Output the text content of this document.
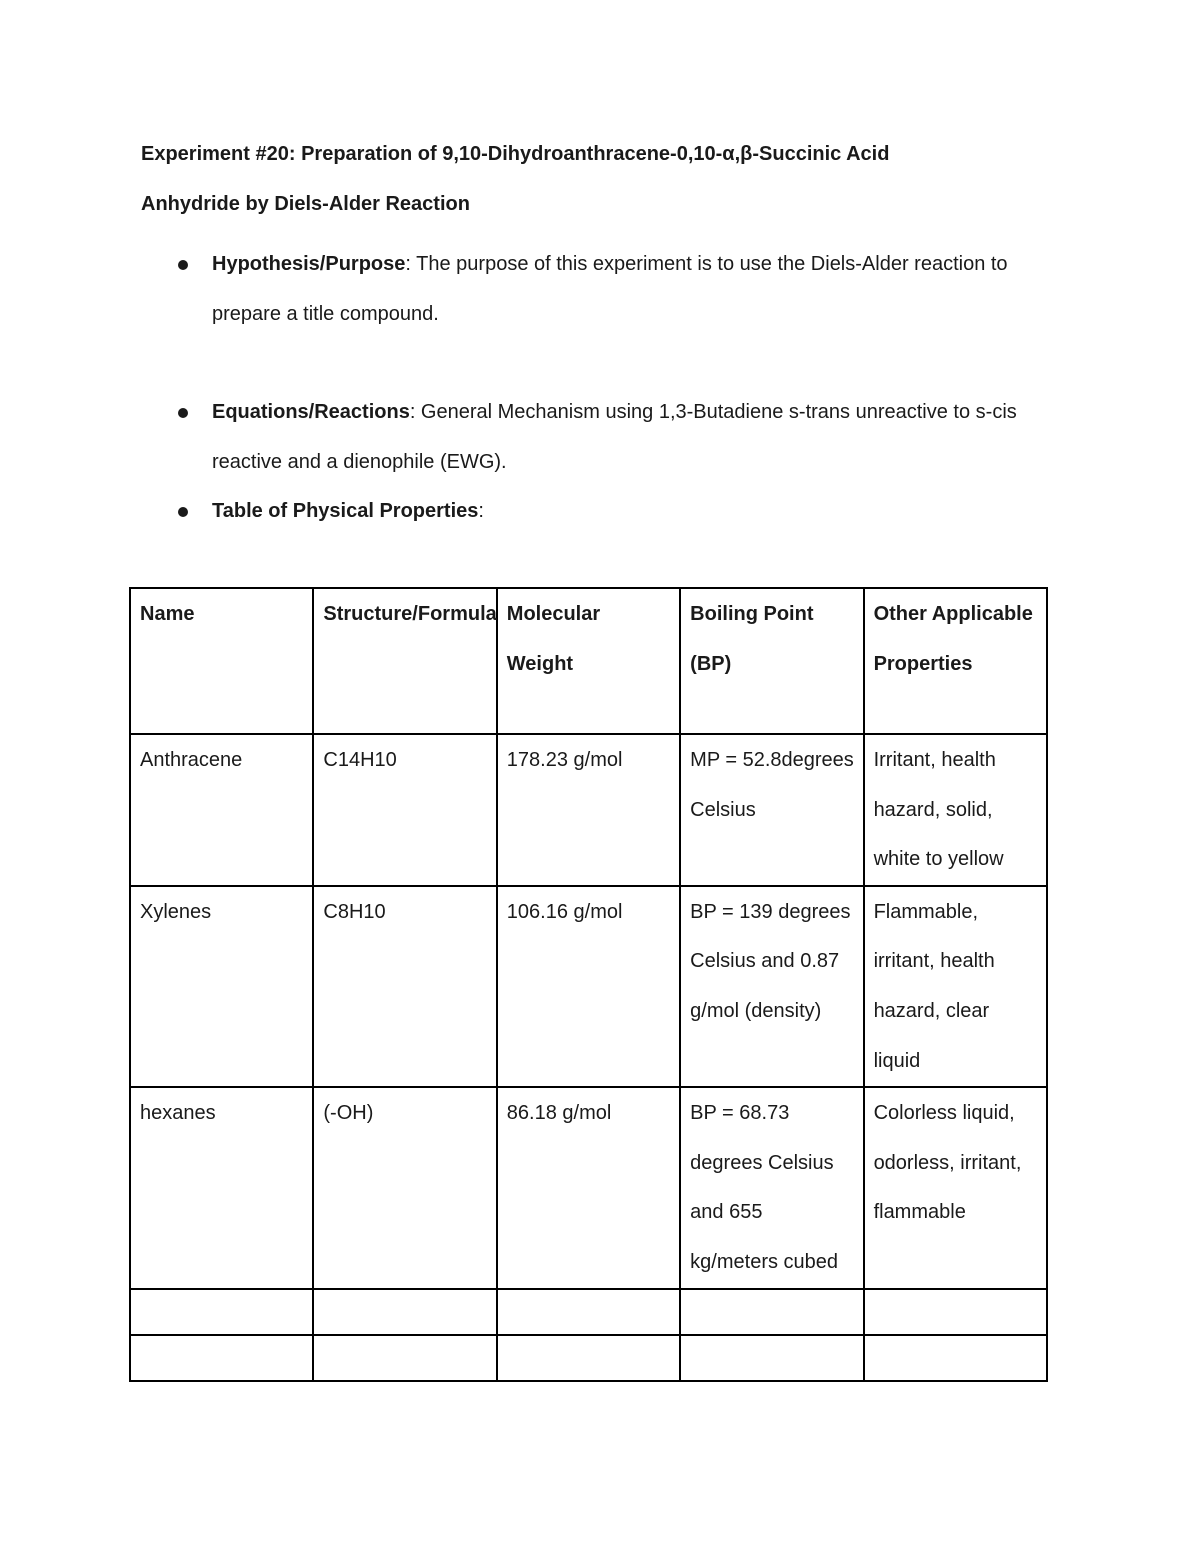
Experiment #20: Preparation of 9,10-Dihydroanthracene-0,10-α,β-Succinic Acid
Anhydride by Diels-Alder Reaction
Hypothesis/Purpose: The purpose of this experiment is to use the Diels-Alder reaction to prepare a title compound.
Equations/Reactions: General Mechanism using 1,3-Butadiene s-trans unreactive to s-cis reactive and a dienophile (EWG).
Table of Physical Properties:
Name	Structure/Formula	Molecular Weight	Boiling Point (BP)	Other Applicable Properties

Anthracene	C14H10	178.23 g/mol	MP = 52.8degrees Celsius	Irritant, health hazard, solid, white to yellow

Xylenes	C8H10	106.16 g/mol	BP = 139 degrees Celsius and 0.87 g/mol (density)	Flammable, irritant, health hazard, clear liquid

hexanes	(-OH)	86.18 g/mol	BP = 68.73 degrees Celsius and 655 kg/meters cubed	Colorless liquid, odorless, irritant, flammable
